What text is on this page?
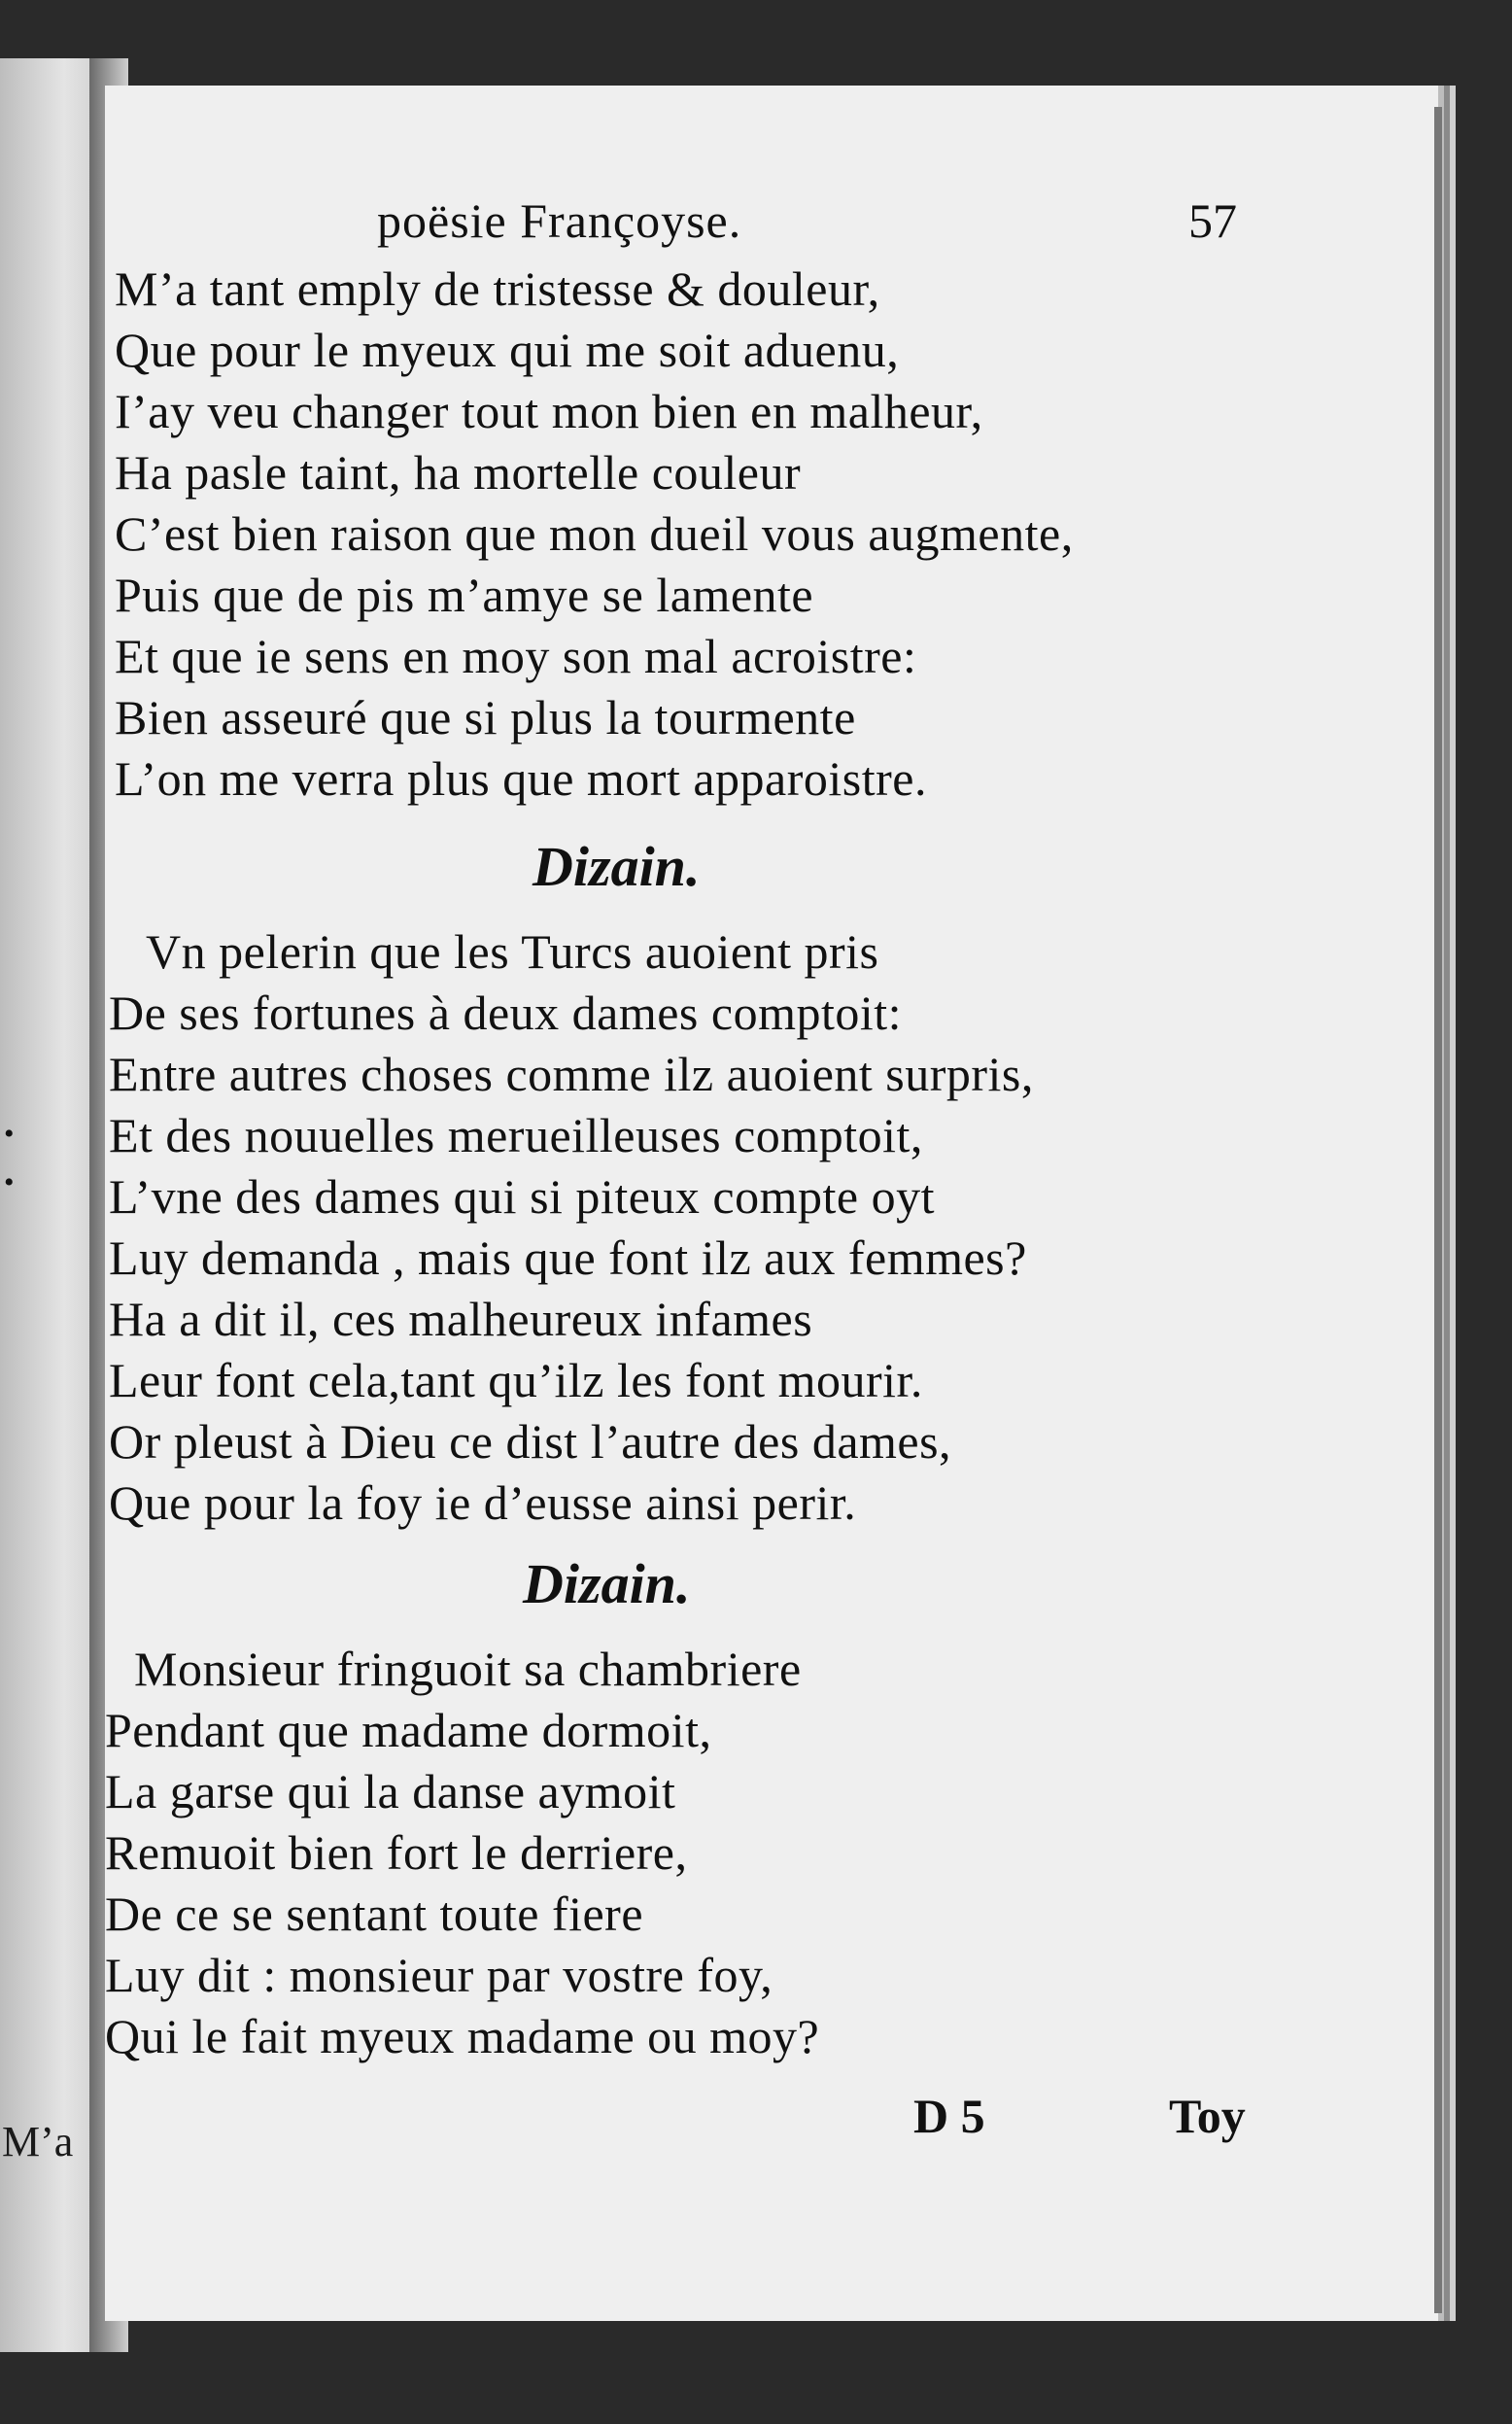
•
•
M’a
poësie Françoyse.	57
M’a tant emply de tristesse & douleur,
Que pour le myeux qui me soit aduenu,
I’ay veu changer tout mon bien en malheur,
Ha pasle taint, ha mortelle couleur
C’est bien raison que mon dueil vous augmente,
Puis que de pis m’amye se lamente
Et que ie sens en moy son mal acroistre:
Bien asseuré que si plus la tourmente
L’on me verra plus que mort apparoistre.
Dizain.
Vn pelerin que les Turcs auoient pris
De ses fortunes à deux dames comptoit:
Entre autres choses comme ilz auoient surpris,
Et des nouuelles merueilleuses comptoit,
L’vne des dames qui si piteux compte oyt
Luy demanda , mais que font ilz aux femmes?
Ha a dit il, ces malheureux infames
Leur font cela,tant qu’ilz les font mourir.
Or pleust à Dieu ce dist l’autre des dames,
Que pour la foy ie d’eusse ainsi perir.
Dizain.
Monsieur fringuoit sa chambriere
Pendant que madame dormoit,
La garse qui la danse aymoit
Remuoit bien fort le derriere,
De ce se sentant toute fiere
Luy dit : monsieur par vostre foy,
Qui le fait myeux madame ou moy?
D 5	Toy
